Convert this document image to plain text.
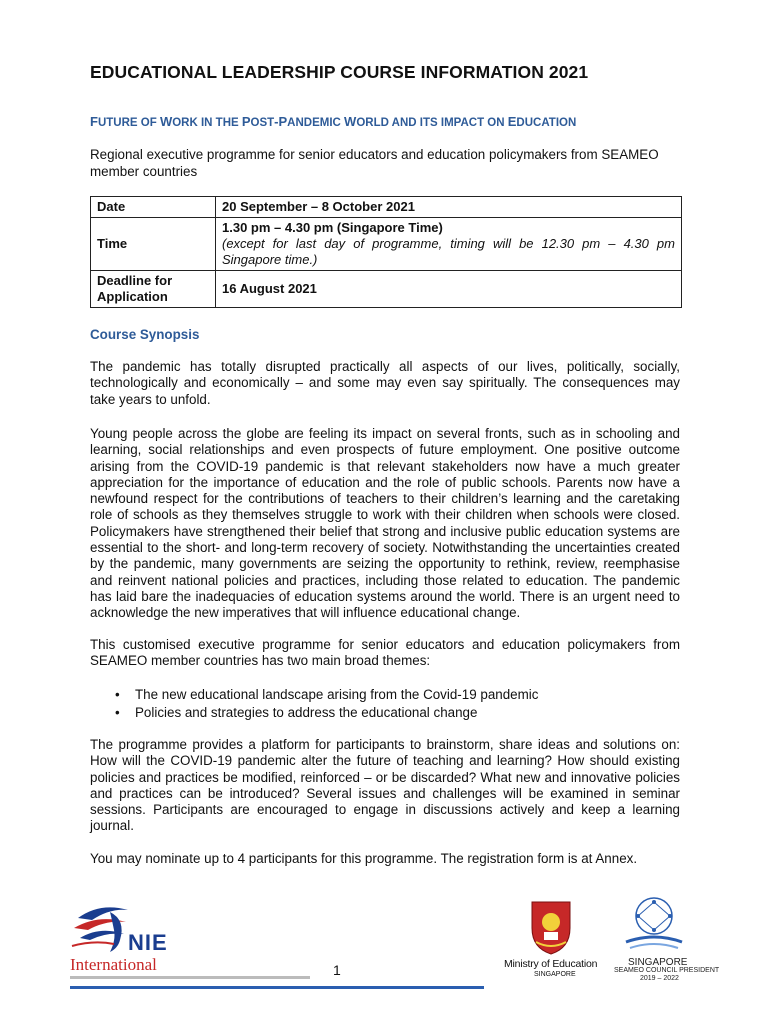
EDUCATIONAL LEADERSHIP COURSE INFORMATION 2021
FUTURE OF WORK IN THE POST-PANDEMIC WORLD AND ITS IMPACT ON EDUCATION
Regional executive programme for senior educators and education policymakers from SEAMEO member countries
Date	20 September – 8 October 2021
Time	1.30 pm – 4.30 pm (Singapore Time)
(except for last day of programme, timing will be 12.30 pm – 4.30 pm Singapore time.)

Deadline for Application	16 August 2021
Course Synopsis
The pandemic has totally disrupted practically all aspects of our lives, politically, socially, technologically and economically – and some may even say spiritually. The consequences may take years to unfold.
Young people across the globe are feeling its impact on several fronts, such as in schooling and learning, social relationships and even prospects of future employment. One positive outcome arising from the COVID-19 pandemic is that relevant stakeholders now have a much greater appreciation for the importance of education and the role of public schools. Parents now have a newfound respect for the contributions of teachers to their children’s learning and the caretaking role of schools as they themselves struggle to work with their children when schools were closed. Policymakers have strengthened their belief that strong and inclusive public education systems are essential to the short- and long-term recovery of society. Notwithstanding the uncertainties created by the pandemic, many governments are seizing the opportunity to rethink, review, reemphasise and reinvent national policies and practices, including those related to education. The pandemic has laid bare the inadequacies of education systems around the world. There is an urgent need to acknowledge the new imperatives that will influence educational change.
This customised executive programme for senior educators and education policymakers from SEAMEO member countries has two main broad themes:
• The new educational landscape arising from the Covid-19 pandemic
• Policies and strategies to address the educational change
The programme provides a platform for participants to brainstorm, share ideas and solutions on: How will the COVID-19 pandemic alter the future of teaching and learning? How should existing policies and practices be modified, reinforced – or be discarded? What new and innovative policies and practices can be introduced? Several issues and challenges will be examined in seminar sessions. Participants are encouraged to engage in discussions actively and keep a learning journal.
You may nominate up to 4 participants for this programme. The registration form is at Annex.
NIE
International	1	Ministry of Education
SINGAPORE
SINGAPORE
SEAMEO COUNCIL PRESIDENT
2019 – 2022
